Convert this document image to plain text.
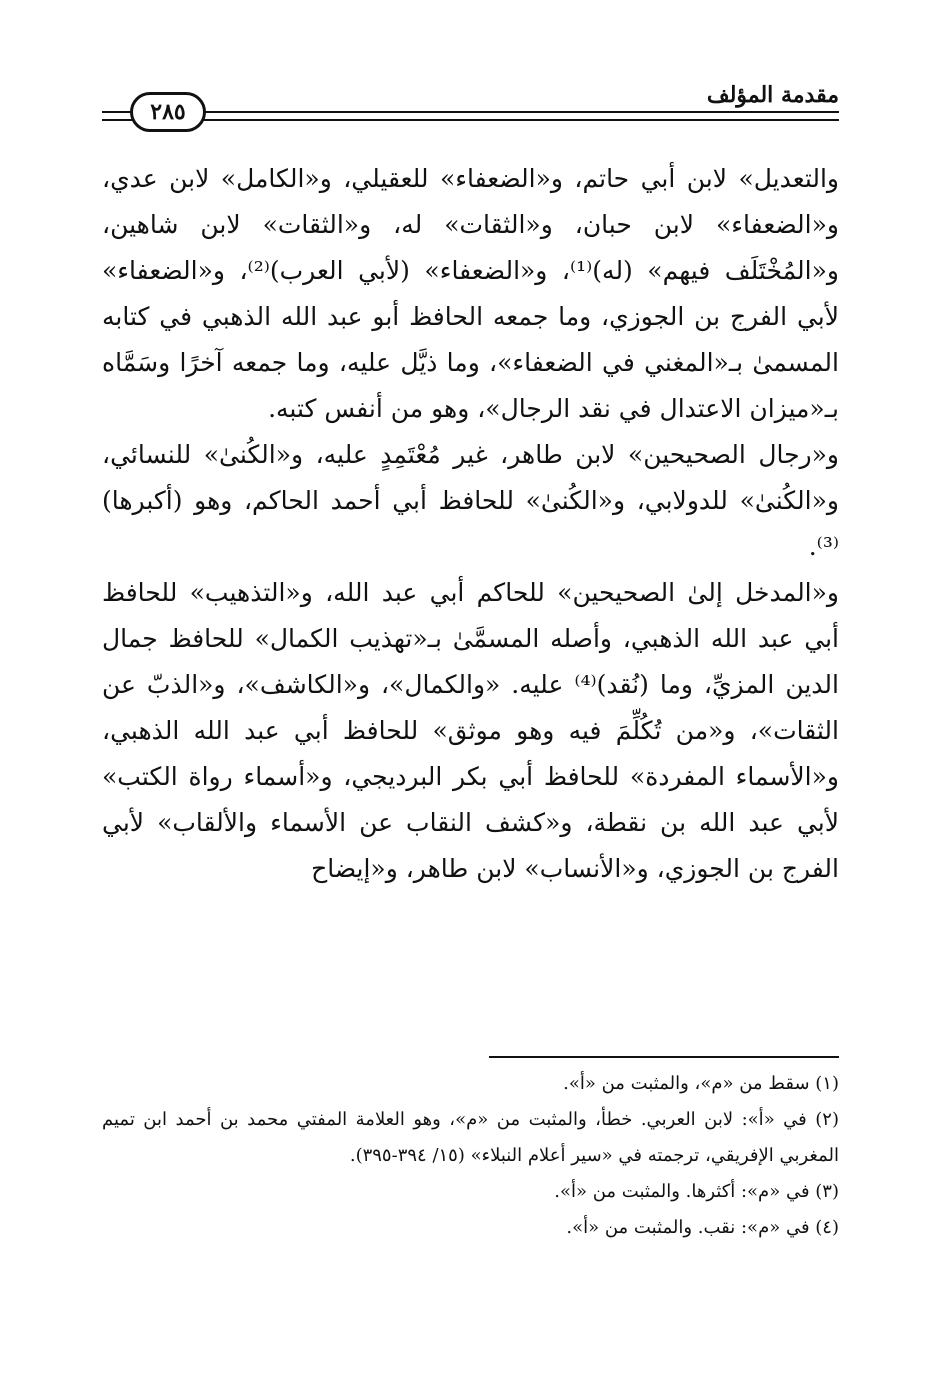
مقدمة المؤلف
٢٨٥

والتعديل» لابن أبي حاتم، و«الضعفاء» للعقيلي، و«الكامل» لابن عدي، و«الضعفاء» لابن حبان، و«الثقات» له، و«الثقات» لابن شاهين، و«المُخْتَلَف فيهم» (له)⁽¹⁾، و«الضعفاء» (لأبي العرب)⁽²⁾، و«الضعفاء» لأبي الفرج بن الجوزي، وما جمعه الحافظ أبو عبد الله الذهبي في كتابه المسمىٰ بـ«المغني في الضعفاء»، وما ذيَّل عليه، وما جمعه آخرًا وسَمَّاه بـ«ميزان الاعتدال في نقد الرجال»، وهو من أنفس كتبه.

و«رجال الصحيحين» لابن طاهر، غير مُعْتَمِدٍ عليه، و«الكُنىٰ» للنسائي، و«الكُنىٰ» للدولابي، و«الكُنىٰ» للحافظ أبي أحمد الحاكم، وهو (أكبرها)⁽³⁾.

و«المدخل إلىٰ الصحيحين» للحاكم أبي عبد الله، و«التذهيب» للحافظ أبي عبد الله الذهبي، وأصله المسمَّىٰ بـ«تهذيب الكمال» للحافظ جمال الدين المزيِّ، وما (نُقد)⁽⁴⁾ عليه. «والكمال»، و«الكاشف»، و«الذبّ عن الثقات»، و«من تُكُلِّمَ فيه وهو موثق» للحافظ أبي عبد الله الذهبي، و«الأسماء المفردة» للحافظ أبي بكر البرديجي، و«أسماء رواة الكتب» لأبي عبد الله بن نقطة، و«كشف النقاب عن الأسماء والألقاب» لأبي الفرج بن الجوزي، و«الأنساب» لابن طاهر، و«إيضاح

(١) سقط من «م»، والمثبت من «أ».

(٢) في «أ»: لابن العربي. خطأ، والمثبت من «م»، وهو العلامة المفتي محمد بن أحمد ابن تميم المغربي الإفريقي، ترجمته في «سير أعلام النبلاء» (١٥/ ٣٩٤-٣٩٥).

(٣) في «م»: أكثرها. والمثبت من «أ».

(٤) في «م»: نقب. والمثبت من «أ».
